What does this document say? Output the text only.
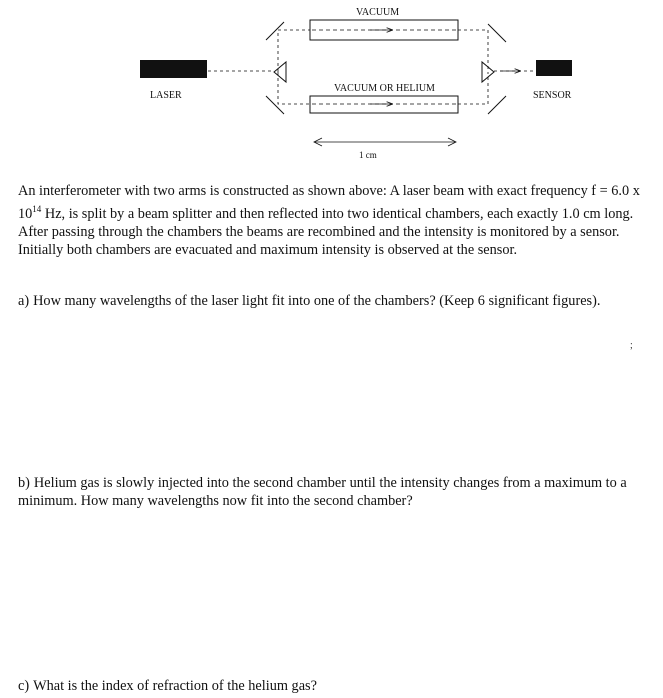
VACUUM
VACUUM OR HELIUM
LASER	SENSOR
1 cm
An interferometer with two arms is constructed as shown above: A laser beam with exact frequency f = 6.0 x $10^{14}$ Hz, is split by a beam splitter and then reflected into two identical chambers, each exactly 1.0 cm long. After passing through the chambers the beams are recombined and the intensity is monitored by a sensor. Initially both chambers are evacuated and maximum intensity is observed at the sensor.
a) How many wavelengths of the laser light fit into one of the chambers? (Keep 6 significant figures).
;
b) Helium gas is slowly injected into the second chamber until the intensity changes from a maximum to a minimum. How many wavelengths now fit into the second chamber?
c) What is the index of refraction of the helium gas?
